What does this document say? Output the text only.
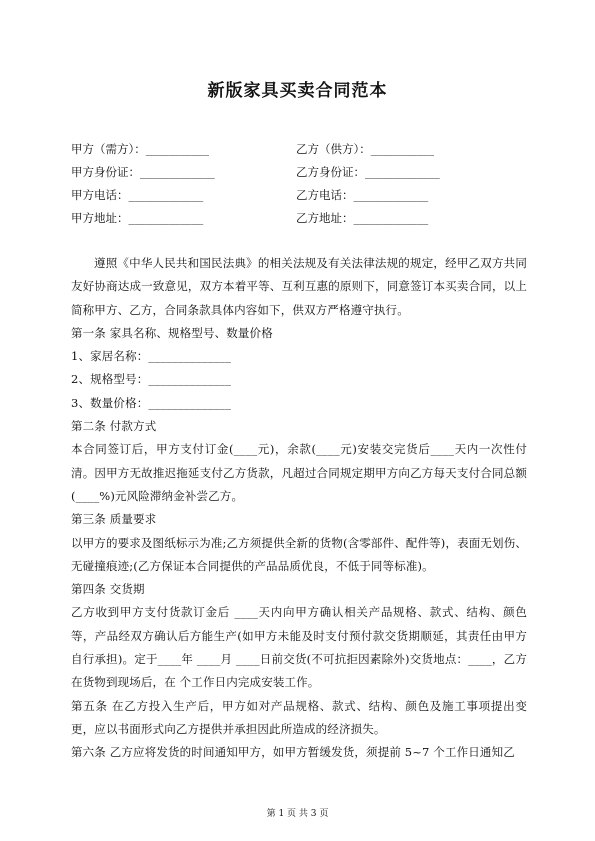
新版家具买卖合同范本
甲方（需方）：___________	乙方（供方）：___________
甲方身份证：_____________	乙方身份证：_____________
甲方电话：_____________	乙方电话：_____________
甲方地址：_____________	乙方地址：_____________

遵照《中华人民共和国民法典》的相关法规及有关法律法规的规定，经甲乙双方共同友好协商达成一致意见，双方本着平等、互利互惠的原则下，同意签订本买卖合同，以上简称甲方、乙方，合同条款具体内容如下，供双方严格遵守执行。

第一条 家具名称、规格型号、数量价格

1、家居名称：______________

2、规格型号：______________

3、数量价格：______________

第二条 付款方式

本合同签订后，甲方支付订金(____元)，余款(____元)安装交完货后____天内一次性付清。因甲方无故推迟拖延支付乙方货款，凡超过合同规定期甲方向乙方每天支付合同总额(____%)元风险滞纳金补尝乙方。

第三条 质量要求

以甲方的要求及图纸标示为准;乙方须提供全新的货物(含零部件、配件等)，表面无划伤、无碰撞痕迹;(乙方保证本合同提供的产品品质优良，不低于同等标准)。

第四条 交货期

乙方收到甲方支付货款订金后 ____天内向甲方确认相关产品规格、款式、结构、颜色等，产品经双方确认后方能生产(如甲方未能及时支付预付款交货期顺延，其责任由甲方自行承担)。定于____年 ____月 ____日前交货(不可抗拒因素除外)交货地点：____，乙方在货物到现场后，在 个工作日内完成安装工作。

第五条 在乙方投入生产后，甲方如对产品规格、款式、结构、颜色及施工事项提出变更，应以书面形式向乙方提供并承担因此所造成的经济损失。

第六条 乙方应将发货的时间通知甲方，如甲方暂缓发货，须提前 5~7 个工作日通知乙

第 1 页 共 3 页
